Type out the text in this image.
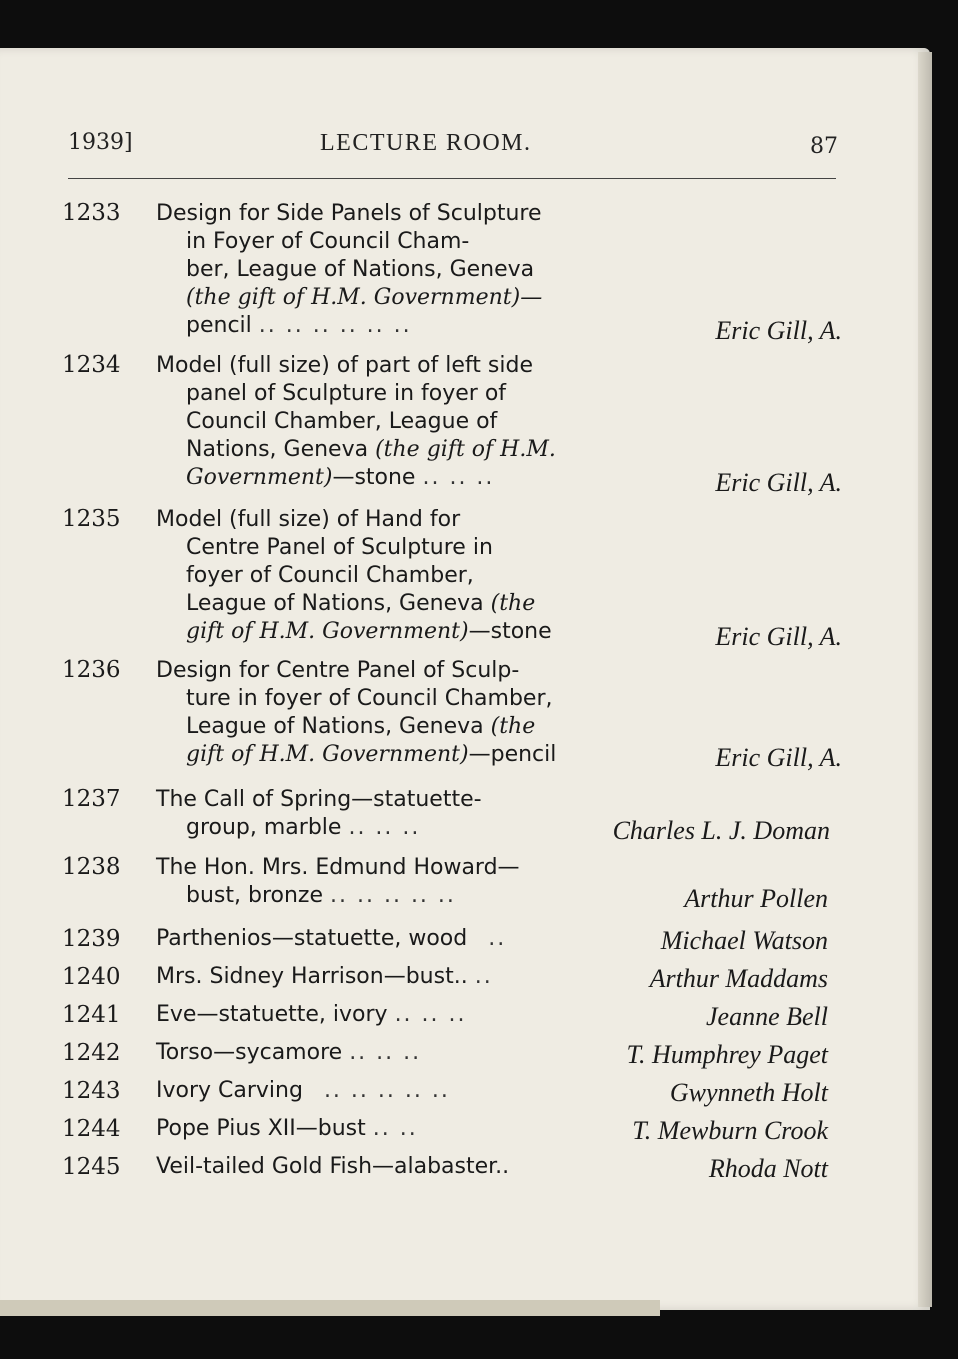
1939]	LECTURE ROOM.	87
1233	Design for Side Panels of Sculpture
in Foyer of Council Cham-
ber, League of Nations, Geneva
(the gift of H.M. Government)—
pencil .. .. .. .. .. ..	Eric Gill, A.
1234	Model (full size) of part of left side
panel of Sculpture in foyer of
Council Chamber, League of
Nations, Geneva (the gift of H.M.
Government)—stone .. .. ..	Eric Gill, A.
1235	Model (full size) of Hand for
Centre Panel of Sculpture in
foyer of Council Chamber,
League of Nations, Geneva (the
gift of H.M. Government)—stone	Eric Gill, A.
1236	Design for Centre Panel of Sculp-
ture in foyer of Council Chamber,
League of Nations, Geneva (the
gift of H.M. Government)—pencil	Eric Gill, A.
1237	The Call of Spring—statuette-
group, marble .. .. ..	Charles L. J. Doman
1238	The Hon. Mrs. Edmund Howard—
bust, bronze .. .. .. .. ..	Arthur Pollen
1239	Parthenios—statuette, wood ..	Michael Watson
1240	Mrs. Sidney Harrison—bust.. ..	Arthur Maddams
1241	Eve—statuette, ivory .. .. ..	Jeanne Bell
1242	Torso—sycamore .. .. ..	T. Humphrey Paget
1243	Ivory Carving .. .. .. .. ..	Gwynneth Holt
1244	Pope Pius XII—bust .. ..	T. Mewburn Crook
1245	Veil-tailed Gold Fish—alabaster..	Rhoda Nott
